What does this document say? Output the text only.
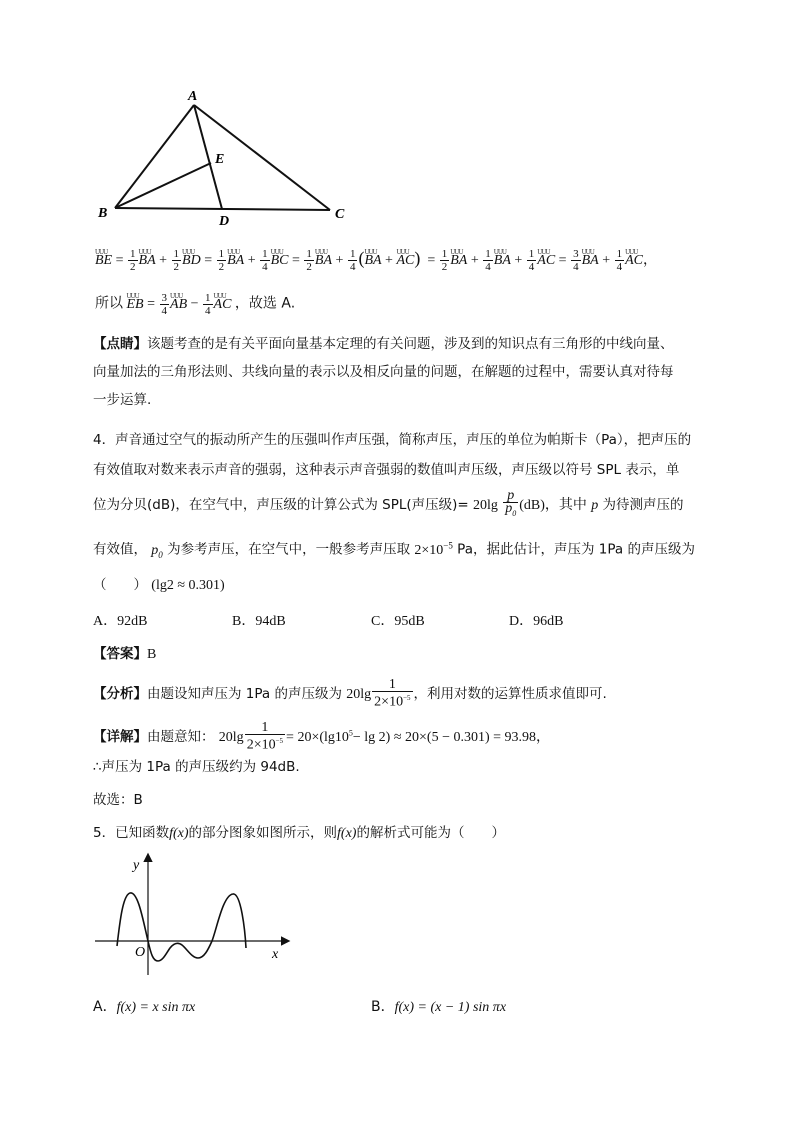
A
B	C
D
E
UUU BE = $\frac{1}{2}$ UUU BA + $\frac{1}{2}$ UUU BD = $\frac{1}{2}$ UUU BA + $\frac{1}{4}$ UUU BC = $\frac{1}{2}$ UUU BA + $\frac{1}{4} (UUU$ BA + UUU $AC) = \frac{1}{2}$ UUU BA + $\frac{1}{4}$ UUU BA + $\frac{1}{4}$ UUU AC = $\frac{3}{4}$ UUU BA + $\frac{1}{4}$ UUU AC，
所以 UUU EB = $\frac{3}{4}$ UUU AB − $\frac{1}{4}$ UUU AC ，故选 A.
【点睛】该题考查的是有关平面向量基本定理的有关问题，涉及到的知识点有三角形的中线向量、
向量加法的三角形法则、共线向量的表示以及相反向量的问题，在解题的过程中，需要认真对待每
一步运算.
4．声音通过空气的振动所产生的压强叫作声压强，简称声压，声压的单位为帕斯卡（Pa），把声压的
有效值取对数来表示声音的强弱，这种表示声音强弱的数值叫声压级，声压级以符号 SPL 表示，单
位为分贝(dB)，在空气中，声压级的计算公式为 SPL(声压级)= $20\lg \frac{p}{p_0} (dB)$，其中 p 为待测声压的
有效值， $p_0$ 为参考声压，在空气中，一般参考声压取 $2\times 10^{-5}$ Pa，据此估计，声压为 1Pa 的声压级为
（　　） (lg2 ≈ 0.301)
A．92dB	B．94dB	C．95dB	D．96dB
【答案】B
【分析】由题设知声压为 1Pa 的声压级为 $20\lg \frac{1}{2\times 10^{-5}}$ ，利用对数的运算性质求值即可.
【详解】由题意知： $20\lg \frac{1}{2\times 10^{-5}} = 20\times(\lg 10^5- \lg 2) \approx 20\times(5 - 0.301) = 93.98$，
∴声压为 1Pa 的声压级约为 94dB.
故选：B
5．已知函数f(x)的部分图象如图所示，则f(x)的解析式可能为（　　）
y
x
O
A．f(x) = x sin πx	B．f(x) = (x − 1) sin πx
